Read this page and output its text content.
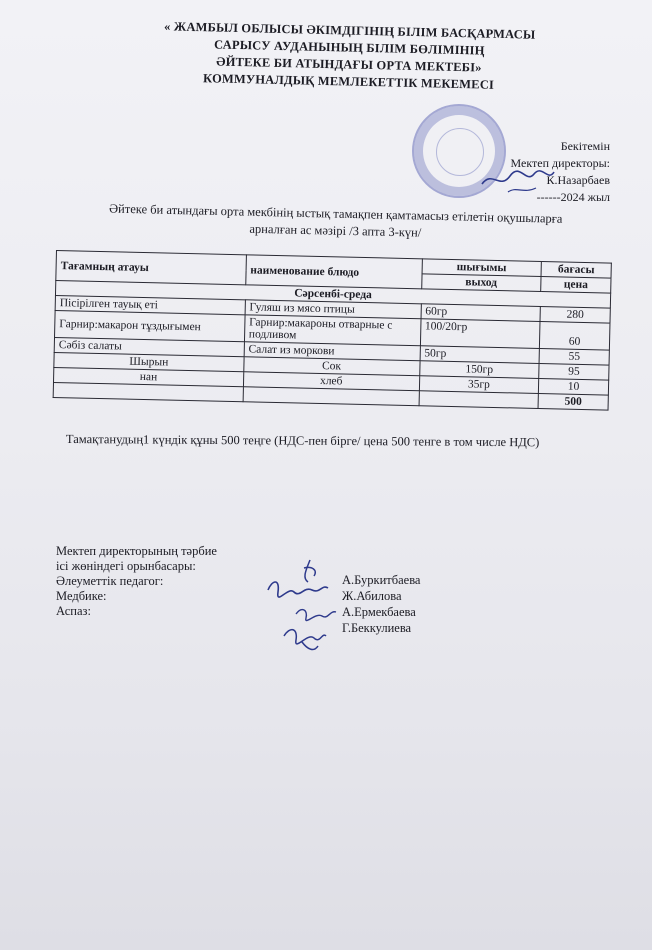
« ЖАМБЫЛ ОБЛЫСЫ ӘКІМДІГІНІҢ БІЛІМ БАСҚАРМАСЫ
САРЫСУ АУДАНЫНЫҢ БІЛІМ БӨЛІМІНІҢ
ӘЙТЕКЕ БИ АТЫНДАҒЫ ОРТА МЕКТЕБІ»
КОММУНАЛДЫҚ МЕМЛЕКЕТТІК МЕКЕМЕСІ
Бекітемін
Мектеп директоры:
К.Назарбаев
------2024 жыл
Әйтеке би атындағы орта мекбінің ыстық тамақпен қамтамасыз етілетін оқушыларға
арналған ас мәзірі /3 апта 3-күн/
Тағамның атауы	наименование блюдо	шығымы	бағасы
		выход	цена
Сәрсенбі-среда			
Пісірілген тауық еті	Гуляш из мясо птицы	60гр	280
Гарнир:макарон тұздығымен	Гарнир:макароны отварные с
подливом	100/20гр	60
Сәбіз салаты	Салат из моркови	50гр	55
Шырын	Сок	150гр	95
нан	хлеб	35гр	10
			500
Тамақтанудың1 күндік құны 500 теңге (НДС-пен бірге/ цена 500 тенге в том числе НДС)
Мектеп директорының тәрбие
ісі жөніндегі орынбасары:
Әлеуметтік педагог:
Медбике:
Аспаз:
А.Буркитбаева
Ж.Абилова
А.Ермекбаева
Г.Беккулиева
